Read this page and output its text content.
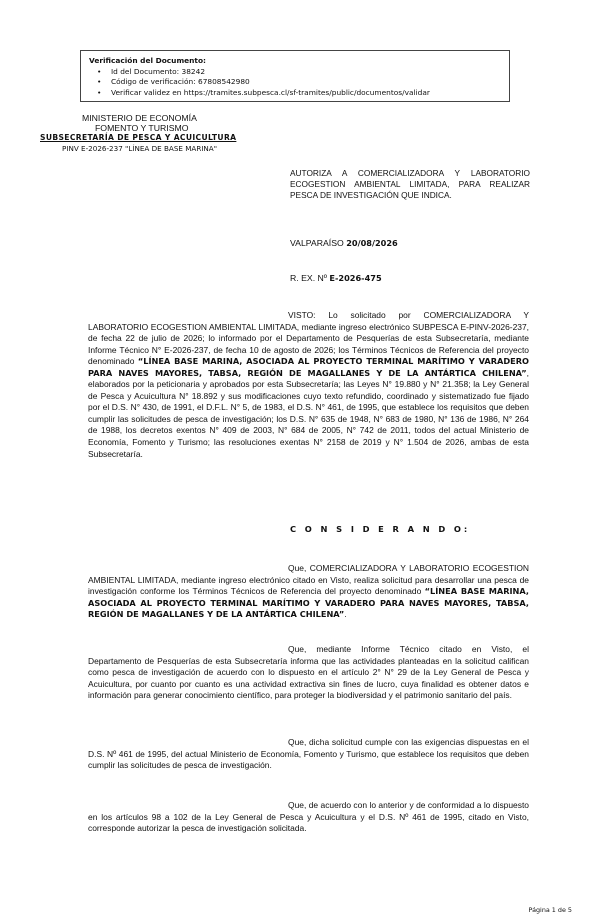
Verificación del Documento:
• Id del Documento: 38242
• Código de verificación: 67808542980
• Verificar validez en https://tramites.subpesca.cl/sf-tramites/public/documentos/validar
MINISTERIO DE ECONOMÍA
FOMENTO Y TURISMO
SUBSECRETARÍA DE PESCA Y ACUICULTURA
PINV E-2026-237 "LÍNEA DE BASE MARINA"
AUTORIZA A COMERCIALIZADORA Y LABORATORIO ECOGESTION AMBIENTAL LIMITADA, PARA REALIZAR PESCA DE INVESTIGACIÓN QUE INDICA.
VALPARAÍSO 20/08/2026
R. EX. Nº E-2026-475
VISTO: Lo solicitado por COMERCIALIZADORA Y LABORATORIO ECOGESTION AMBIENTAL LIMITADA, mediante ingreso electrónico SUBPESCA E-PINV-2026-237, de fecha 22 de julio de 2026; lo informado por el Departamento de Pesquerías de esta Subsecretaría, mediante Informe Técnico N° E-2026-237, de fecha 10 de agosto de 2026; los Términos Técnicos de Referencia del proyecto denominado “LÍNEA BASE MARINA, ASOCIADA AL PROYECTO TERMINAL MARÍTIMO Y VARADERO PARA NAVES MAYORES, TABSA, REGIÓN DE MAGALLANES Y DE LA ANTÁRTICA CHILENA”, elaborados por la peticionaria y aprobados por esta Subsecretaría; las Leyes N° 19.880 y N° 21.358; la Ley General de Pesca y Acuicultura N° 18.892 y sus modificaciones cuyo texto refundido, coordinado y sistematizado fue fijado por el D.S. N° 430, de 1991, el D.F.L. N° 5, de 1983, el D.S. N° 461, de 1995, que establece los requisitos que deben cumplir las solicitudes de pesca de investigación; los D.S. N° 635 de 1948, N° 683 de 1980, N° 136 de 1986, N° 264 de 1988, los decretos exentos N° 409 de 2003, N° 684 de 2005, N° 742 de 2011, todos del actual Ministerio de Economía, Fomento y Turismo; las resoluciones exentas N° 2158 de 2019 y N° 1.504 de 2026, ambas de esta Subsecretaría.
C O N S I D E R A N D O:
Que, COMERCIALIZADORA Y LABORATORIO ECOGESTION AMBIENTAL LIMITADA, mediante ingreso electrónico citado en Visto, realiza solicitud para desarrollar una pesca de investigación conforme los Términos Técnicos de Referencia del proyecto denominado “LÍNEA BASE MARINA, ASOCIADA AL PROYECTO TERMINAL MARÍTIMO Y VARADERO PARA NAVES MAYORES, TABSA, REGIÓN DE MAGALLANES Y DE LA ANTÁRTICA CHILENA”.
Que, mediante Informe Técnico citado en Visto, el Departamento de Pesquerías de esta Subsecretaría informa que las actividades planteadas en la solicitud califican como pesca de investigación de acuerdo con lo dispuesto en el artículo 2° N° 29 de la Ley General de Pesca y Acuicultura, por cuanto por cuanto es una actividad extractiva sin fines de lucro, cuya finalidad es obtener datos e información para generar conocimiento científico, para proteger la biodiversidad y el patrimonio sanitario del país.
Que, dicha solicitud cumple con las exigencias dispuestas en el D.S. Nº 461 de 1995, del actual Ministerio de Economía, Fomento y Turismo, que establece los requisitos que deben cumplir las solicitudes de pesca de investigación.
Que, de acuerdo con lo anterior y de conformidad a lo dispuesto en los artículos 98 a 102 de la Ley General de Pesca y Acuicultura y el D.S. Nº 461 de 1995, citado en Visto, corresponde autorizar la pesca de investigación solicitada.
Página 1 de 5
